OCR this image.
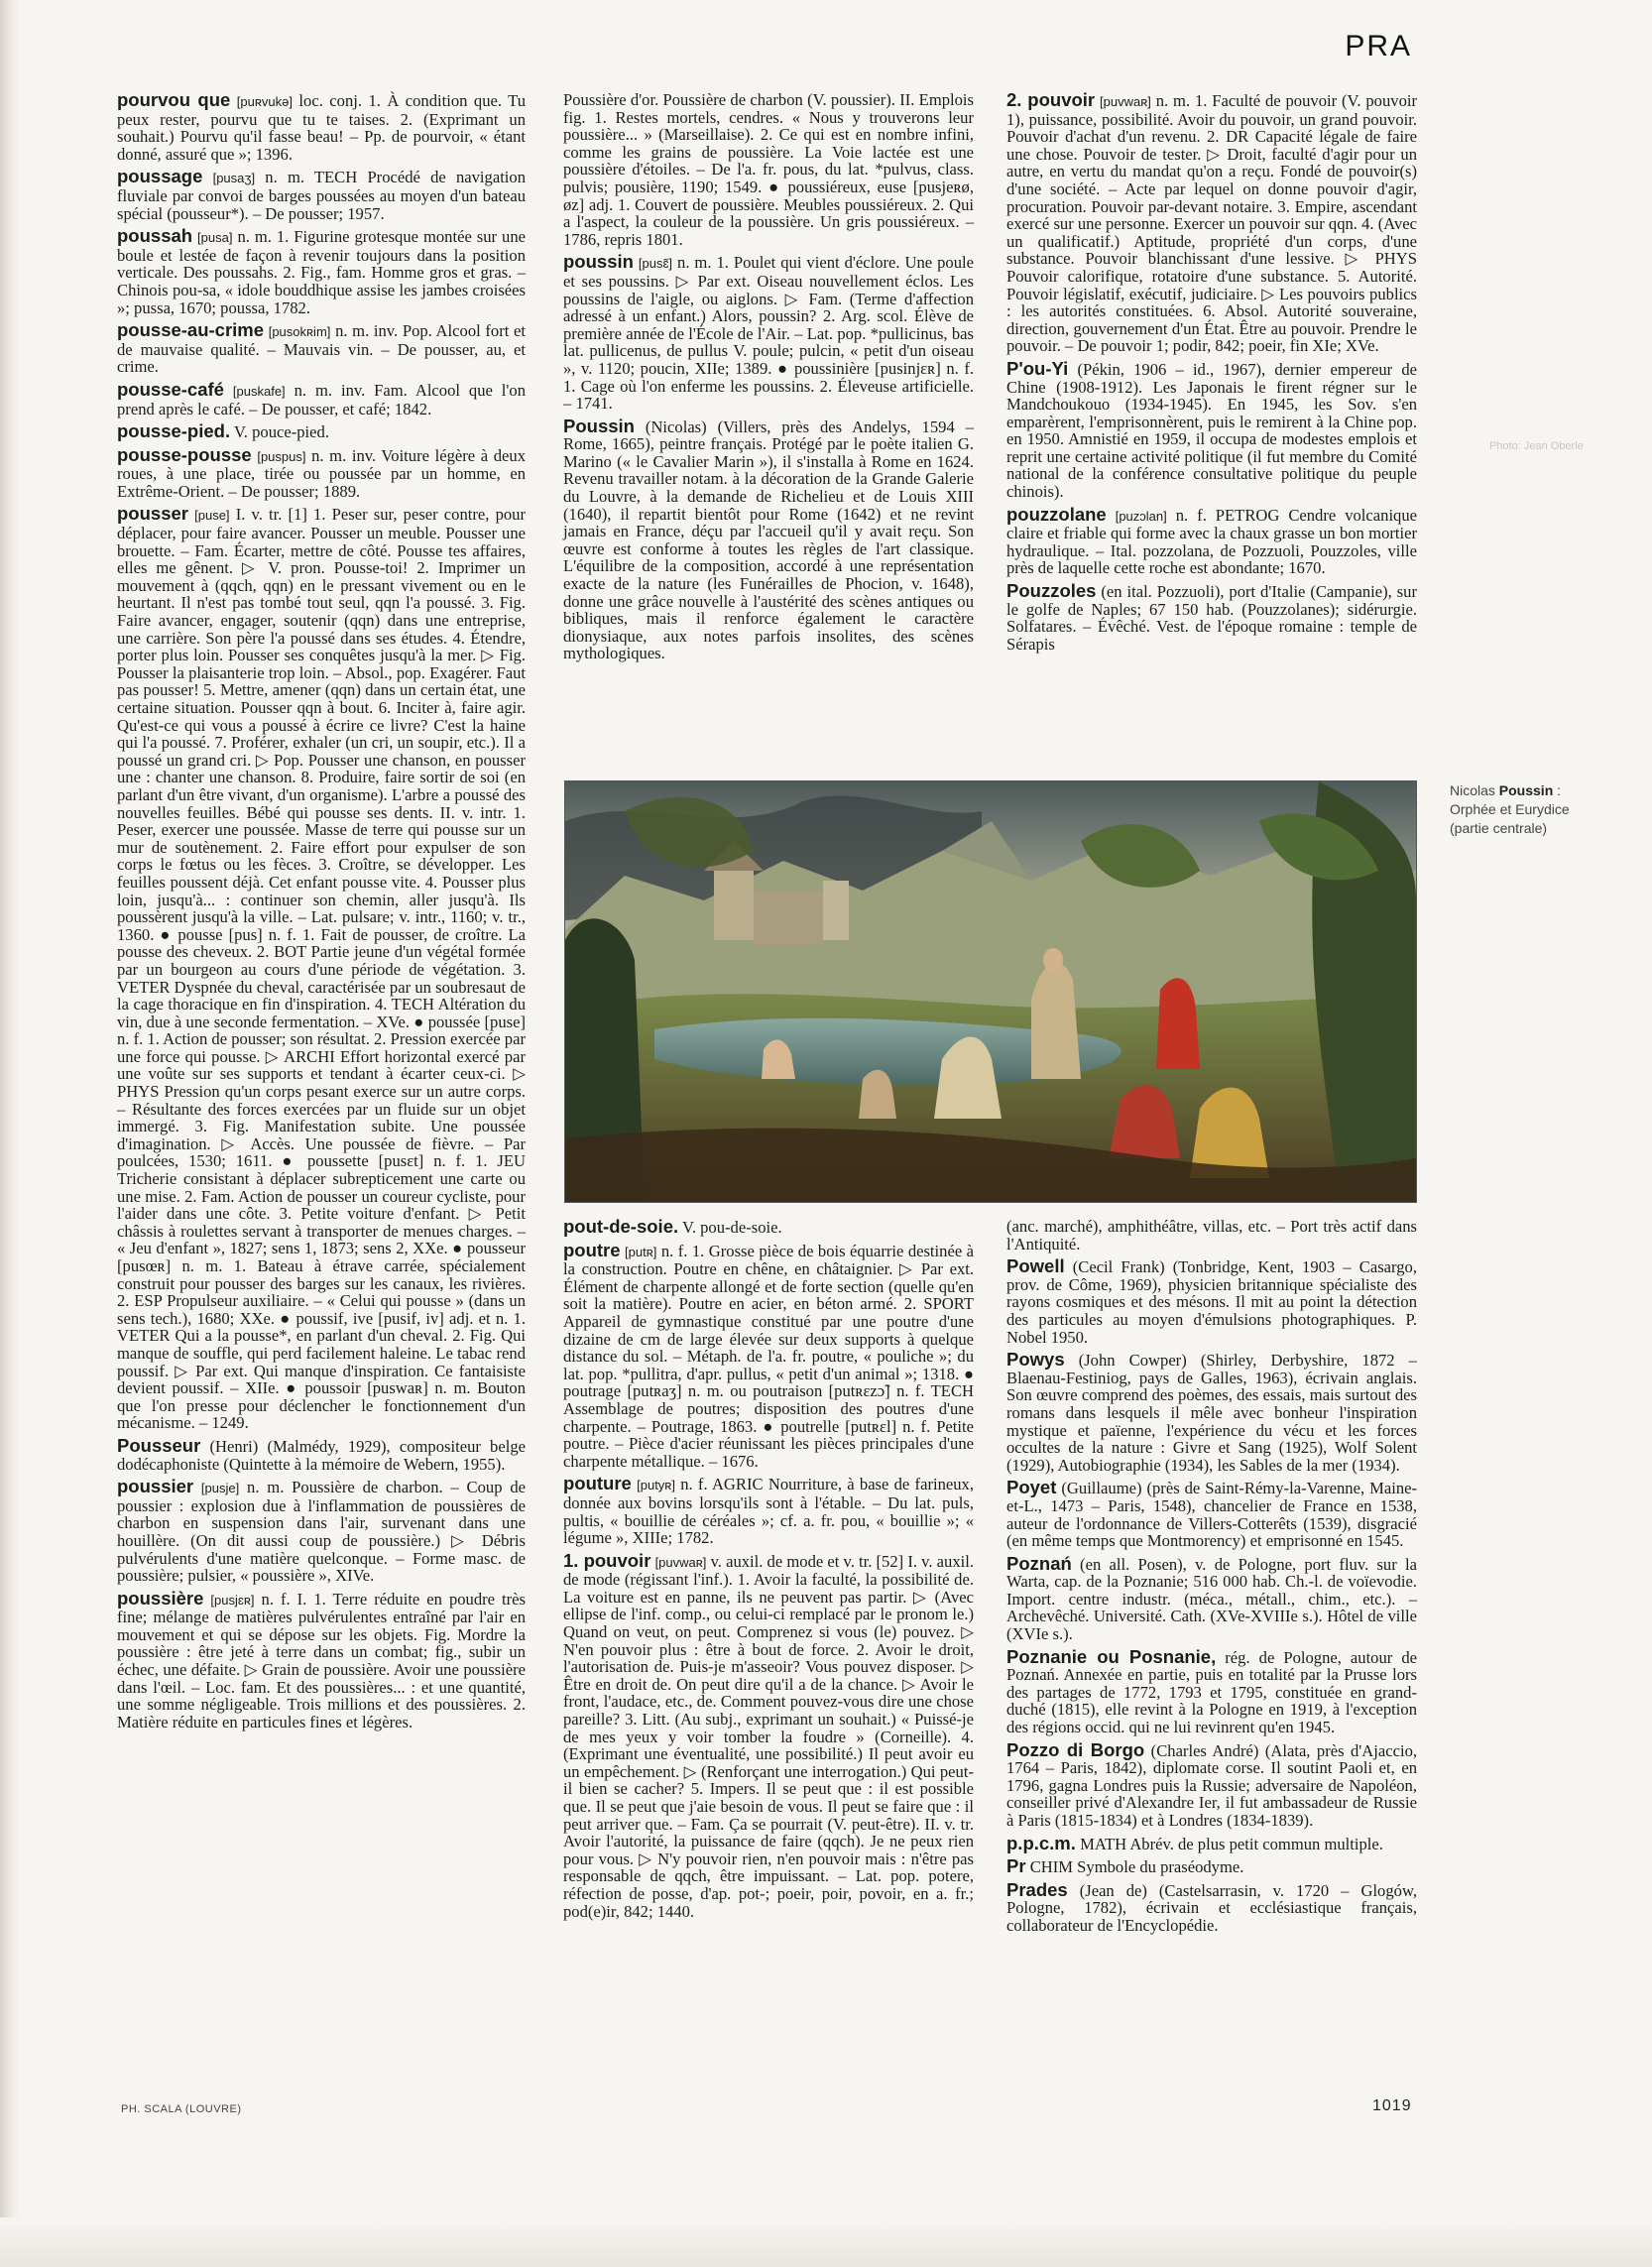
PRA

pourvou que [puʀvukə] loc. conj. 1. À condition que. Tu peux rester, pourvu que tu te taises. 2. (Exprimant un souhait.) Pourvu qu'il fasse beau! – Pp. de pourvoir, « étant donné, assuré que »; 1396.

poussage [pusaʒ] n. m. TECH Procédé de navigation fluviale par convoi de barges poussées au moyen d'un bateau spécial (pousseur*). – De pousser; 1957.

poussah [pusa] n. m. 1. Figurine grotesque montée sur une boule et lestée de façon à revenir toujours dans la position verticale. Des poussahs. 2. Fig., fam. Homme gros et gras. – Chinois pou-sa, « idole bouddhique assise les jambes croisées »; pussa, 1670; poussa, 1782.

pousse-au-crime [pusokʀim] n. m. inv. Pop. Alcool fort et de mauvaise qualité. – Mauvais vin. – De pousser, au, et crime.

pousse-café [puskafe] n. m. inv. Fam. Alcool que l'on prend après le café. – De pousser, et café; 1842.

pousse-pied. V. pouce-pied.

pousse-pousse [puspus] n. m. inv. Voiture légère à deux roues, à une place, tirée ou poussée par un homme, en Extrême-Orient. – De pousser; 1889.

pousser [puse] I. v. tr. [1] 1. Peser sur, peser contre, pour déplacer, pour faire avancer. Pousser un meuble. Pousser une brouette. – Fam. Écarter, mettre de côté. Pousse tes affaires, elles me gênent. ▷ V. pron. Pousse-toi! 2. Imprimer un mouvement à (qqch, qqn) en le pressant vivement ou en le heurtant. Il n'est pas tombé tout seul, qqn l'a poussé. 3. Fig. Faire avancer, engager, soutenir (qqn) dans une entreprise, une carrière. Son père l'a poussé dans ses études. 4. Étendre, porter plus loin. Pousser ses conquêtes jusqu'à la mer. ▷ Fig. Pousser la plaisanterie trop loin. – Absol., pop. Exagérer. Faut pas pousser! 5. Mettre, amener (qqn) dans un certain état, une certaine situation. Pousser qqn à bout. 6. Inciter à, faire agir. Qu'est-ce qui vous a poussé à écrire ce livre? C'est la haine qui l'a poussé. 7. Proférer, exhaler (un cri, un soupir, etc.). Il a poussé un grand cri. ▷ Pop. Pousser une chanson, en pousser une : chanter une chanson. 8. Produire, faire sortir de soi (en parlant d'un être vivant, d'un organisme). L'arbre a poussé des nouvelles feuilles. Bébé qui pousse ses dents. II. v. intr. 1. Peser, exercer une poussée. Masse de terre qui pousse sur un mur de soutènement. 2. Faire effort pour expulser de son corps le fœtus ou les fèces. 3. Croître, se développer. Les feuilles poussent déjà. Cet enfant pousse vite. 4. Pousser plus loin, jusqu'à... : continuer son chemin, aller jusqu'à. Ils poussèrent jusqu'à la ville. – Lat. pulsare; v. intr., 1160; v. tr., 1360. ● pousse [pus] n. f. 1. Fait de pousser, de croître. La pousse des cheveux. 2. BOT Partie jeune d'un végétal formée par un bourgeon au cours d'une période de végétation. 3. VETER Dyspnée du cheval, caractérisée par un soubresaut de la cage thoracique en fin d'inspiration. 4. TECH Altération du vin, due à une seconde fermentation. – XVe. ● poussée [puse] n. f. 1. Action de pousser; son résultat. 2. Pression exercée par une force qui pousse. ▷ ARCHI Effort horizontal exercé par une voûte sur ses supports et tendant à écarter ceux-ci. ▷ PHYS Pression qu'un corps pesant exerce sur un autre corps. – Résultante des forces exercées par un fluide sur un objet immergé. 3. Fig. Manifestation subite. Une poussée d'imagination. ▷ Accès. Une poussée de fièvre. – Par poulcées, 1530; 1611. ● poussette [pusɛt] n. f. 1. JEU Tricherie consistant à déplacer subrepticement une carte ou une mise. 2. Fam. Action de pousser un coureur cycliste, pour l'aider dans une côte. 3. Petite voiture d'enfant. ▷ Petit châssis à roulettes servant à transporter de menues charges. – « Jeu d'enfant », 1827; sens 1, 1873; sens 2, XXe. ● pousseur [pusœʀ] n. m. 1. Bateau à étrave carrée, spécialement construit pour pousser des barges sur les canaux, les rivières. 2. ESP Propulseur auxiliaire. – « Celui qui pousse » (dans un sens tech.), 1680; XXe. ● poussif, ive [pusif, iv] adj. et n. 1. VETER Qui a la pousse*, en parlant d'un cheval. 2. Fig. Qui manque de souffle, qui perd facilement haleine. Le tabac rend poussif. ▷ Par ext. Qui manque d'inspiration. Ce fantaisiste devient poussif. – XIIe. ● poussoir [puswaʀ] n. m. Bouton que l'on presse pour déclencher le fonctionnement d'un mécanisme. – 1249.

Pousseur (Henri) (Malmédy, 1929), compositeur belge dodécaphoniste (Quintette à la mémoire de Webern, 1955).

poussier [pusje] n. m. Poussière de charbon. – Coup de poussier : explosion due à l'inflammation de poussières de charbon en suspension dans l'air, survenant dans une houillère. (On dit aussi coup de poussière.) ▷ Débris pulvérulents d'une matière quelconque. – Forme masc. de poussière; pulsier, « poussière », XIVe.

poussière [pusjɛʀ] n. f. I. 1. Terre réduite en poudre très fine; mélange de matières pulvérulentes entraîné par l'air en mouvement et qui se dépose sur les objets. Fig. Mordre la poussière : être jeté à terre dans un combat; fig., subir un échec, une défaite. ▷ Grain de poussière. Avoir une poussière dans l'œil. – Loc. fam. Et des poussières... : et une quantité, une somme négligeable. Trois millions et des poussières. 2. Matière réduite en particules fines et légères.

Poussière d'or. Poussière de charbon (V. poussier). II. Emplois fig. 1. Restes mortels, cendres. « Nous y trouverons leur poussière... » (Marseillaise). 2. Ce qui est en nombre infini, comme les grains de poussière. La Voie lactée est une poussière d'étoiles. – De l'a. fr. pous, du lat. *pulvus, class. pulvis; pousière, 1190; 1549. ● poussiéreux, euse [pusjeʀø, øz] adj. 1. Couvert de poussière. Meubles poussiéreux. 2. Qui a l'aspect, la couleur de la poussière. Un gris poussiéreux. – 1786, repris 1801.

poussin [pusɛ̃] n. m. 1. Poulet qui vient d'éclore. Une poule et ses poussins. ▷ Par ext. Oiseau nouvellement éclos. Les poussins de l'aigle, ou aiglons. ▷ Fam. (Terme d'affection adressé à un enfant.) Alors, poussin? 2. Arg. scol. Élève de première année de l'École de l'Air. – Lat. pop. *pullicinus, bas lat. pullicenus, de pullus V. poule; pulcin, « petit d'un oiseau », v. 1120; poucin, XIIe; 1389. ● poussinière [pusinjɛʀ] n. f. 1. Cage où l'on enferme les poussins. 2. Éleveuse artificielle. – 1741.

Poussin (Nicolas) (Villers, près des Andelys, 1594 – Rome, 1665), peintre français. Protégé par le poète italien G. Marino (« le Cavalier Marin »), il s'installa à Rome en 1624. Revenu travailler notam. à la décoration de la Grande Galerie du Louvre, à la demande de Richelieu et de Louis XIII (1640), il repartit bientôt pour Rome (1642) et ne revint jamais en France, déçu par l'accueil qu'il y avait reçu. Son œuvre est conforme à toutes les règles de l'art classique. L'équilibre de la composition, accordé à une représentation exacte de la nature (les Funérailles de Phocion, v. 1648), donne une grâce nouvelle à l'austérité des scènes antiques ou bibliques, mais il renforce également le caractère dionysiaque, aux notes parfois insolites, des scènes mythologiques.

2. pouvoir [puvwaʀ] n. m. 1. Faculté de pouvoir (V. pouvoir 1), puissance, possibilité. Avoir du pouvoir, un grand pouvoir. Pouvoir d'achat d'un revenu. 2. DR Capacité légale de faire une chose. Pouvoir de tester. ▷ Droit, faculté d'agir pour un autre, en vertu du mandat qu'on a reçu. Fondé de pouvoir(s) d'une société. – Acte par lequel on donne pouvoir d'agir, procuration. Pouvoir par-devant notaire. 3. Empire, ascendant exercé sur une personne. Exercer un pouvoir sur qqn. 4. (Avec un qualificatif.) Aptitude, propriété d'un corps, d'une substance. Pouvoir blanchissant d'une lessive. ▷ PHYS Pouvoir calorifique, rotatoire d'une substance. 5. Autorité. Pouvoir législatif, exécutif, judiciaire. ▷ Les pouvoirs publics : les autorités constituées. 6. Absol. Autorité souveraine, direction, gouvernement d'un État. Être au pouvoir. Prendre le pouvoir. – De pouvoir 1; podir, 842; poeir, fin XIe; XVe.

P'ou-Yi (Pékin, 1906 – id., 1967), dernier empereur de Chine (1908-1912). Les Japonais le firent régner sur le Mandchoukouo (1934-1945). En 1945, les Sov. s'en emparèrent, l'emprisonnèrent, puis le remirent à la Chine pop. en 1950. Amnistié en 1959, il occupa de modestes emplois et reprit une certaine activité politique (il fut membre du Comité national de la conférence consultative politique du peuple chinois).

pouzzolane [puzɔlan] n. f. PETROG Cendre volcanique claire et friable qui forme avec la chaux grasse un bon mortier hydraulique. – Ital. pozzolana, de Pozzuoli, Pouzzoles, ville près de laquelle cette roche est abondante; 1670.

Pouzzoles (en ital. Pozzuoli), port d'Italie (Campanie), sur le golfe de Naples; 67 150 hab. (Pouzzolanes); sidérurgie. Solfatares. – Évêché. Vest. de l'époque romaine : temple de Sérapis

Nicolas Poussin :
Orphée et Eurydice
(partie centrale)

pout-de-soie. V. pou-de-soie.

poutre [putʀ] n. f. 1. Grosse pièce de bois équarrie destinée à la construction. Poutre en chêne, en châtaignier. ▷ Par ext. Élément de charpente allongé et de forte section (quelle qu'en soit la matière). Poutre en acier, en béton armé. 2. SPORT Appareil de gymnastique constitué par une poutre d'une dizaine de cm de large élevée sur deux supports à quelque distance du sol. – Métaph. de l'a. fr. poutre, « pouliche »; du lat. pop. *pullitra, d'apr. pullus, « petit d'un animal »; 1318. ● poutrage [putʀaʒ] n. m. ou poutraison [putʀɛzɔ̃] n. f. TECH Assemblage de poutres; disposition des poutres d'une charpente. – Poutrage, 1863. ● poutrelle [putʀɛl] n. f. Petite poutre. – Pièce d'acier réunissant les pièces principales d'une charpente métallique. – 1676.

pouture [putyʀ] n. f. AGRIC Nourriture, à base de farineux, donnée aux bovins lorsqu'ils sont à l'étable. – Du lat. puls, pultis, « bouillie de céréales »; cf. a. fr. pou, « bouillie »; « légume », XIIIe; 1782.

1. pouvoir [puvwaʀ] v. auxil. de mode et v. tr. [52] I. v. auxil. de mode (régissant l'inf.). 1. Avoir la faculté, la possibilité de. La voiture est en panne, ils ne peuvent pas partir. ▷ (Avec ellipse de l'inf. comp., ou celui-ci remplacé par le pronom le.) Quand on veut, on peut. Comprenez si vous (le) pouvez. ▷ N'en pouvoir plus : être à bout de force. 2. Avoir le droit, l'autorisation de. Puis-je m'asseoir? Vous pouvez disposer. ▷ Être en droit de. On peut dire qu'il a de la chance. ▷ Avoir le front, l'audace, etc., de. Comment pouvez-vous dire une chose pareille? 3. Litt. (Au subj., exprimant un souhait.) « Puissé-je de mes yeux y voir tomber la foudre » (Corneille). 4. (Exprimant une éventualité, une possibilité.) Il peut avoir eu un empêchement. ▷ (Renforçant une interrogation.) Qui peut-il bien se cacher? 5. Impers. Il se peut que : il est possible que. Il se peut que j'aie besoin de vous. Il peut se faire que : il peut arriver que. – Fam. Ça se pourrait (V. peut-être). II. v. tr. Avoir l'autorité, la puissance de faire (qqch). Je ne peux rien pour vous. ▷ N'y pouvoir rien, n'en pouvoir mais : n'être pas responsable de qqch, être impuissant. – Lat. pop. potere, réfection de posse, d'ap. pot-; poeir, poir, povoir, en a. fr.; pod(e)ir, 842; 1440.

(anc. marché), amphithéâtre, villas, etc. – Port très actif dans l'Antiquité.

Powell (Cecil Frank) (Tonbridge, Kent, 1903 – Casargo, prov. de Côme, 1969), physicien britannique spécialiste des rayons cosmiques et des mésons. Il mit au point la détection des particules au moyen d'émulsions photographiques. P. Nobel 1950.

Powys (John Cowper) (Shirley, Derbyshire, 1872 – Blaenau-Festiniog, pays de Galles, 1963), écrivain anglais. Son œuvre comprend des poèmes, des essais, mais surtout des romans dans lesquels il mêle avec bonheur l'inspiration mystique et païenne, l'expérience du vécu et les forces occultes de la nature : Givre et Sang (1925), Wolf Solent (1929), Autobiographie (1934), les Sables de la mer (1934).

Poyet (Guillaume) (près de Saint-Rémy-la-Varenne, Maine-et-L., 1473 – Paris, 1548), chancelier de France en 1538, auteur de l'ordonnance de Villers-Cotterêts (1539), disgracié (en même temps que Montmorency) et emprisonné en 1545.

Poznań (en all. Posen), v. de Pologne, port fluv. sur la Warta, cap. de la Poznanie; 516 000 hab. Ch.-l. de voïevodie. Import. centre industr. (méca., métall., chim., etc.). – Archevêché. Université. Cath. (XVe-XVIIIe s.). Hôtel de ville (XVIe s.).

Poznanie ou Posnanie, rég. de Pologne, autour de Poznań. Annexée en partie, puis en totalité par la Prusse lors des partages de 1772, 1793 et 1795, constituée en grand-duché (1815), elle revint à la Pologne en 1919, à l'exception des régions occid. qui ne lui revinrent qu'en 1945.

Pozzo di Borgo (Charles André) (Alata, près d'Ajaccio, 1764 – Paris, 1842), diplomate corse. Il soutint Paoli et, en 1796, gagna Londres puis la Russie; adversaire de Napoléon, conseiller privé d'Alexandre Ier, il fut ambassadeur de Russie à Paris (1815-1834) et à Londres (1834-1839).

p.p.c.m. MATH Abrév. de plus petit commun multiple.

Pr CHIM Symbole du praséodyme.

Prades (Jean de) (Castelsarrasin, v. 1720 – Glogów, Pologne, 1782), écrivain et ecclésiastique français, collaborateur de l'Encyclopédie.

PH. SCALA (LOUVRE)	1019
Photo: Jean Oberle
